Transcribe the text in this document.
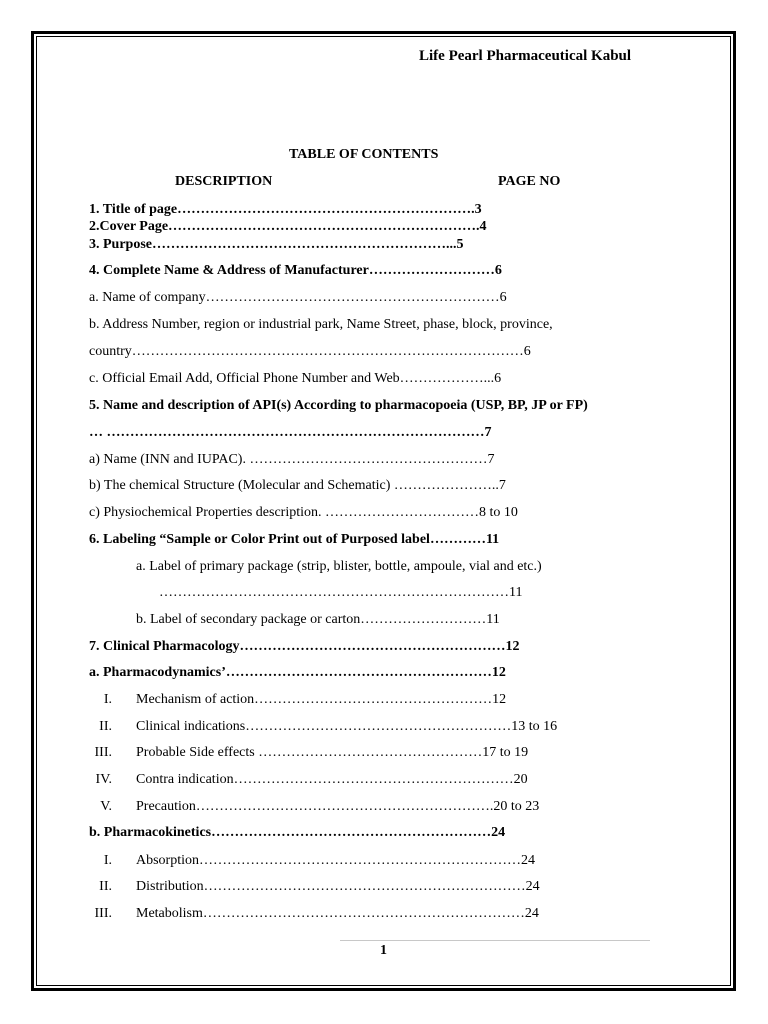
Life Pearl Pharmaceutical Kabul
TABLE OF CONTENTS
DESCRIPTION	PAGE NO
1. Title of page……………………………………………………….3
2.Cover Page………………………………………………………….4
3. Purpose………………………………………………………...5
4. Complete Name & Address of Manufacturer………………………6
a. Name of company………………………………………………………6
b. Address Number, region or industrial park, Name Street, phase, block, province,
country…………………………………………………………………………6
c. Official Email Add, Official Phone Number and Web………………...6
5. Name and description of API(s) According to pharmacopoeia (USP, BP, JP or FP)
… ………………………………………………………………………7
a) Name (INN and IUPAC). ……………………………………………7
b) The chemical Structure (Molecular and Schematic) …………………..7
c) Physiochemical Properties description. ……………………………8 to 10
6. Labeling “Sample or Color Print out of Purposed label…………11
a. Label of primary package (strip, blister, bottle, ampoule, vial and etc.)
…………………………………………………………………11
b. Label of secondary package or carton………………………11
7. Clinical Pharmacology…………………………………………………12
a. Pharmacodynamics’…………………………………………………12
I. Mechanism of action……………………………………………12
II. Clinical indications…………………………………………………13 to 16
III. Probable Side effects …………………………………………17 to 19
IV. Contra indication……………………………………………………20
V. Precaution……………………………………………………….20 to 23
b. Pharmacokinetics……………………………………………………24
I. Absorption……………………………………………………………24
II. Distribution……………………………………………………………24
III. Metabolism……………………………………………………………24
1
